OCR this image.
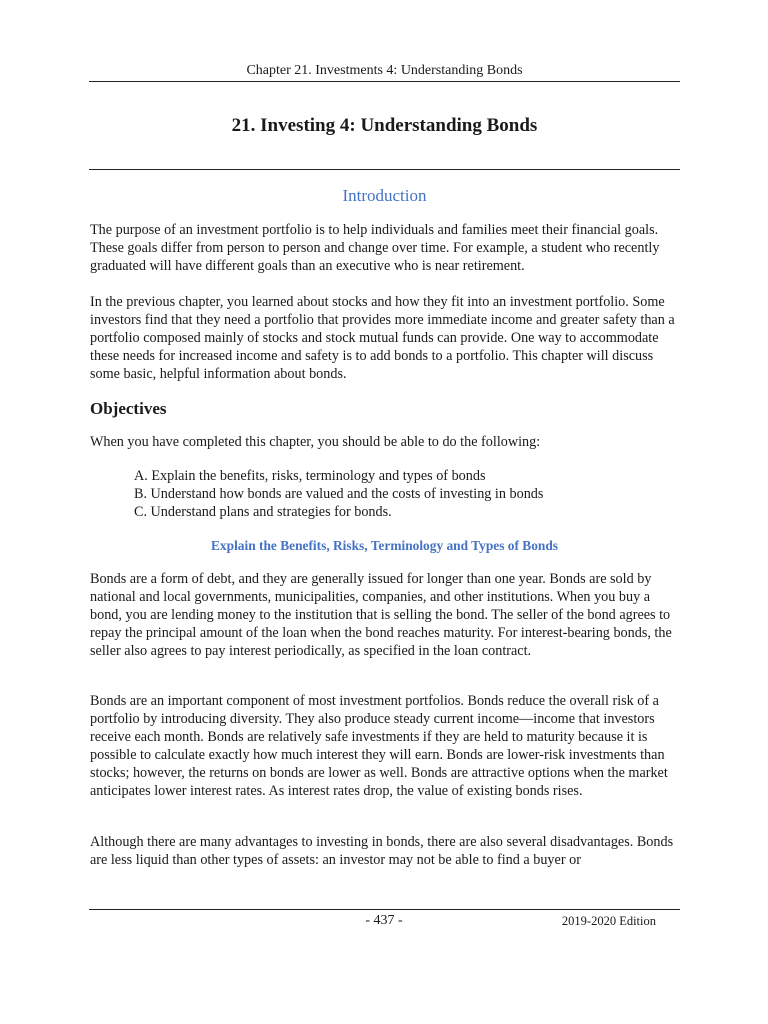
Chapter 21. Investments 4: Understanding Bonds
21. Investing 4: Understanding Bonds
Introduction

The purpose of an investment portfolio is to help individuals and families meet their financial goals. These goals differ from person to person and change over time. For example, a student who recently graduated will have different goals than an executive who is near retirement.

In the previous chapter, you learned about stocks and how they fit into an investment portfolio. Some investors find that they need a portfolio that provides more immediate income and greater safety than a portfolio composed mainly of stocks and stock mutual funds can provide. One way to accommodate these needs for increased income and safety is to add bonds to a portfolio. This chapter will discuss some basic, helpful information about bonds.

Objectives

When you have completed this chapter, you should be able to do the following:

A. Explain the benefits, risks, terminology and types of bonds
B. Understand how bonds are valued and the costs of investing in bonds
C. Understand plans and strategies for bonds.
Explain the Benefits, Risks, Terminology and Types of Bonds

Bonds are a form of debt, and they are generally issued for longer than one year. Bonds are sold by national and local governments, municipalities, companies, and other institutions. When you buy a bond, you are lending money to the institution that is selling the bond. The seller of the bond agrees to repay the principal amount of the loan when the bond reaches maturity. For interest-bearing bonds, the seller also agrees to pay interest periodically, as specified in the loan contract.

Bonds are an important component of most investment portfolios. Bonds reduce the overall risk of a portfolio by introducing diversity. They also produce steady current income—income that investors receive each month. Bonds are relatively safe investments if they are held to maturity because it is possible to calculate exactly how much interest they will earn. Bonds are lower-risk investments than stocks; however, the returns on bonds are lower as well. Bonds are attractive options when the market anticipates lower interest rates. As interest rates drop, the value of existing bonds rises.

Although there are many advantages to investing in bonds, there are also several disadvantages. Bonds are less liquid than other types of assets: an investor may not be able to find a buyer or

- 437 -	2019-2020 Edition
